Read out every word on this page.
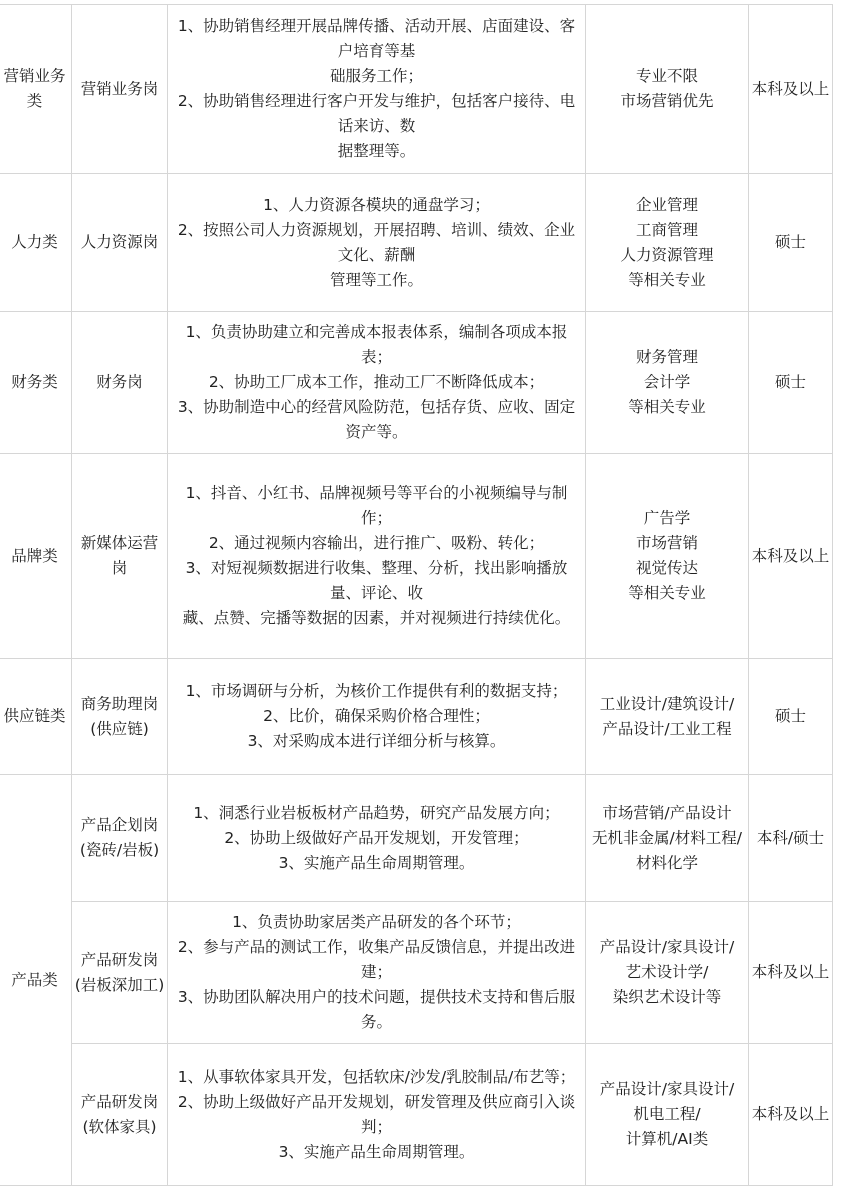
营销业务类	营销业务岗	1、协助销售经理开展品牌传播、活动开展、店面建设、客户培育等基
础服务工作；
2、协助销售经理进行客户开发与维护，包括客户接待、电话来访、数
据整理等。	专业不限
市场营销优先	本科及以上
人力类	人力资源岗	1、人力资源各模块的通盘学习；
2、按照公司人力资源规划，开展招聘、培训、绩效、企业文化、薪酬
管理等工作。	企业管理
工商管理
人力资源管理
等相关专业	硕士
财务类	财务岗	1、负责协助建立和完善成本报表体系，编制各项成本报表；
2、协助工厂成本工作，推动工厂不断降低成本；
3、协助制造中心的经营风险防范，包括存货、应收、固定资产等。	财务管理
会计学
等相关专业	硕士
品牌类	新媒体运营岗	1、抖音、小红书、品牌视频号等平台的小视频编导与制作；
2、通过视频内容输出，进行推广、吸粉、转化；
3、对短视频数据进行收集、整理、分析，找出影响播放量、评论、收
藏、点赞、完播等数据的因素，并对视频进行持续优化。	广告学
市场营销
视觉传达
等相关专业	本科及以上
供应链类	商务助理岗
(供应链)	1、市场调研与分析，为核价工作提供有利的数据支持；
2、比价，确保采购价格合理性；
3、对采购成本进行详细分析与核算。	工业设计/建筑设计/
产品设计/工业工程	硕士
产品类	产品企划岗
(瓷砖/岩板)	1、洞悉行业岩板板材产品趋势，研究产品发展方向；
2、协助上级做好产品开发规划，开发管理；
3、实施产品生命周期管理。	市场营销/产品设计
无机非金属/材料工程/
材料化学	本科/硕士

	产品研发岗
(岩板深加工)	1、负责协助家居类产品研发的各个环节；
2、参与产品的测试工作，收集产品反馈信息，并提出改进建；
3、协助团队解决用户的技术问题，提供技术支持和售后服务。	产品设计/家具设计/
艺术设计学/
染织艺术设计等	本科及以上

	产品研发岗
(软体家具)	1、从事软体家具开发，包括软床/沙发/乳胶制品/布艺等；
2、协助上级做好产品开发规划，研发管理及供应商引入谈判；
3、实施产品生命周期管理。	产品设计/家具设计/
机电工程/
计算机/AI类	本科及以上
